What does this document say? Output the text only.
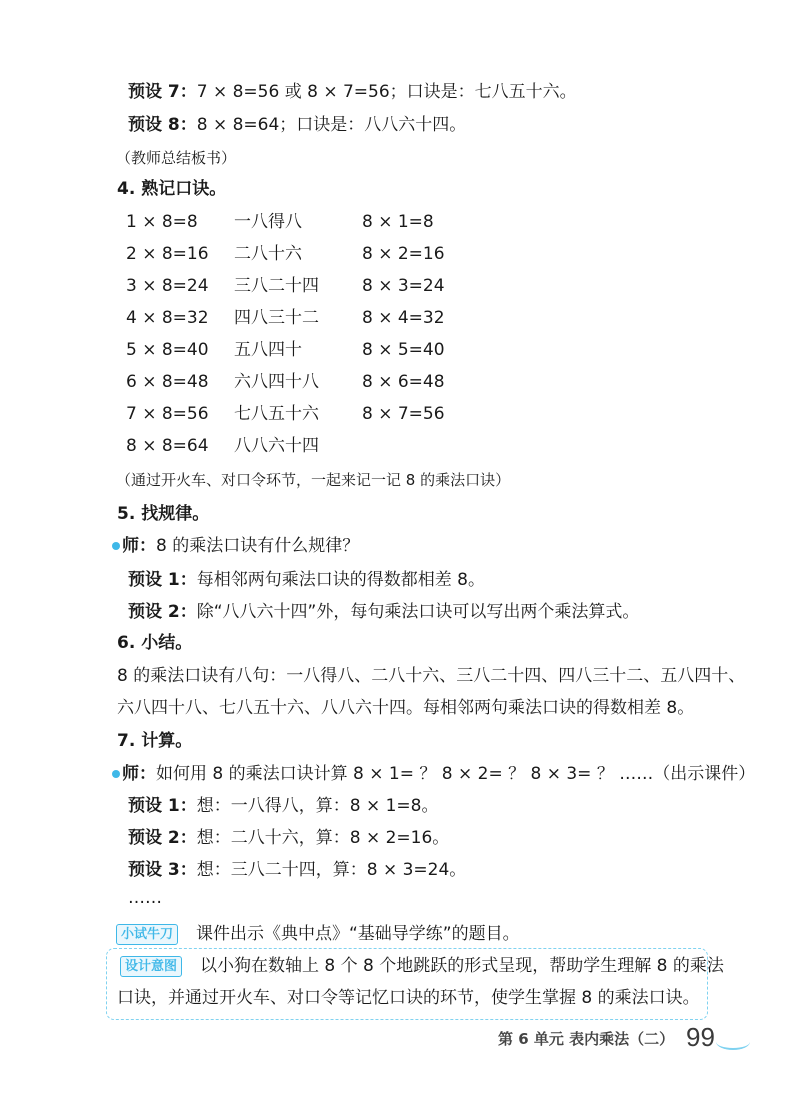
预设 7：7 × 8=56 或 8 × 7=56；口诀是：七八五十六。
预设 8：8 × 8=64；口诀是：八八六十四。
（教师总结板书）
4. 熟记口诀。
1 × 8=8 一八得八	8 × 1=8
2 × 8=16 二八十六	8 × 2=16
3 × 8=24 三八二十四	8 × 3=24
4 × 8=32 四八三十二	8 × 4=32
5 × 8=40 五八四十	8 × 5=40
6 × 8=48 六八四十八	8 × 6=48
7 × 8=56 七八五十六	8 × 7=56
8 × 8=64 八八六十四
（通过开火车、对口令环节，一起来记一记 8 的乘法口诀）
5. 找规律。
师：8 的乘法口诀有什么规律？
预设 1：每相邻两句乘法口诀的得数都相差 8。
预设 2：除“八八六十四”外，每句乘法口诀可以写出两个乘法算式。
6. 小结。
8 的乘法口诀有八句：一八得八、二八十六、三八二十四、四八三十二、五八四十、
六八四十八、七八五十六、八八六十四。每相邻两句乘法口诀的得数相差 8。
7. 计算。
师：如何用 8 的乘法口诀计算 8 × 1= ？ 8 × 2= ？ 8 × 3= ？ ……（出示课件）
预设 1：想：一八得八，算：8 × 1=8。
预设 2：想：二八十六，算：8 × 2=16。
预设 3：想：三八二十四，算：8 × 3=24。
……
小试牛刀 课件出示《典中点》“基础导学练”的题目。
设计意图 以小狗在数轴上 8 个 8 个地跳跃的形式呈现，帮助学生理解 8 的乘法
口诀，并通过开火车、对口令等记忆口诀的环节，使学生掌握 8 的乘法口诀。
第 6 单元 表内乘法（二） 99
